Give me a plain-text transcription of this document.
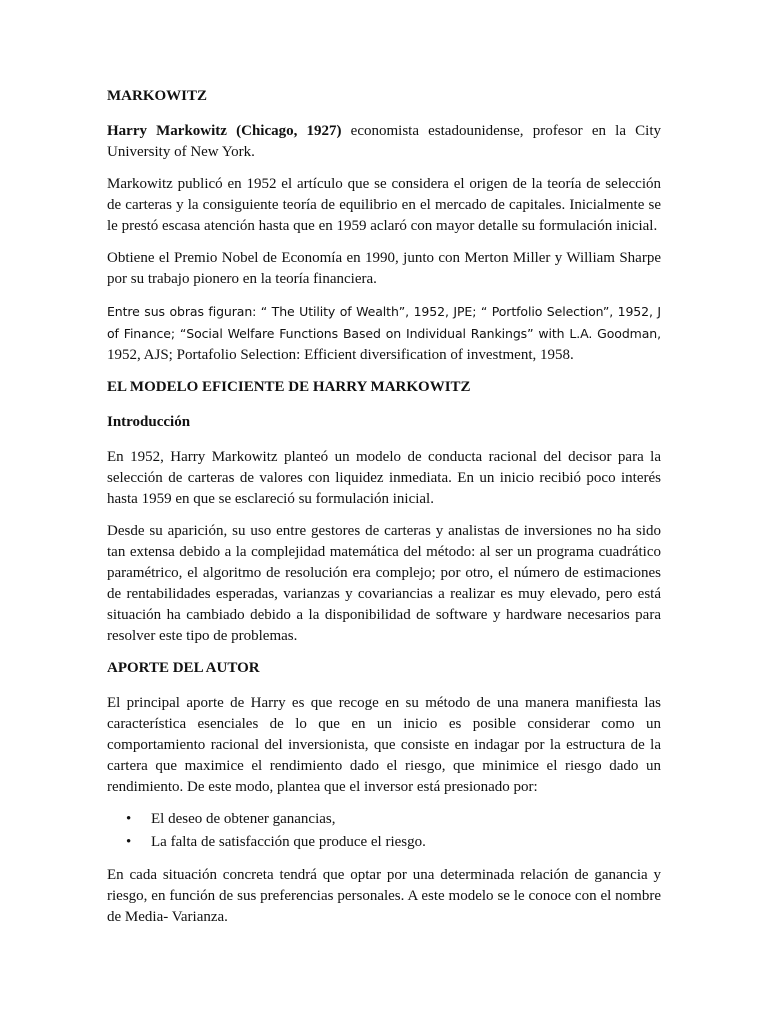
MARKOWITZ

Harry Markowitz (Chicago, 1927) economista estadounidense, profesor en la City University of New York.

Markowitz publicó en 1952 el artículo que se considera el origen de la teoría de selección de carteras y la consiguiente teoría de equilibrio en el mercado de capitales. Inicialmente se le prestó escasa atención hasta que en 1959 aclaró con mayor detalle su formulación inicial.

Obtiene el Premio Nobel de Economía en 1990, junto con Merton Miller y William Sharpe por su trabajo pionero en la teoría financiera.

Entre sus obras figuran: “ The Utility of Wealth”, 1952, JPE; “ Portfolio Selection”, 1952, J of Finance; “Social Welfare Functions Based on Individual Rankings” with L.A. Goodman, 1952, AJS; Portafolio Selection: Efficient diversification of investment, 1958.

EL MODELO EFICIENTE DE HARRY MARKOWITZ
Introducción

En 1952, Harry Markowitz planteó un modelo de conducta racional del decisor para la selección de carteras de valores con liquidez inmediata. En un inicio recibió poco interés hasta 1959 en que se esclareció su formulación inicial.

Desde su aparición, su uso entre gestores de carteras y analistas de inversiones no ha sido tan extensa debido a la complejidad matemática del método: al ser un programa cuadrático paramétrico, el algoritmo de resolución era complejo; por otro, el número de estimaciones de rentabilidades esperadas, varianzas y covariancias a realizar es muy elevado, pero está situación ha cambiado debido a la disponibilidad de software y hardware necesarios para resolver este tipo de problemas.

APORTE DEL AUTOR

El principal aporte de Harry es que recoge en su método de una manera manifiesta las característica esenciales de lo que en un inicio es posible considerar como un comportamiento racional del inversionista, que consiste en indagar por la estructura de la cartera que maximice el rendimiento dado el riesgo, que minimice el riesgo dado un rendimiento. De este modo, plantea que el inversor está presionado por:

• El deseo de obtener ganancias,
• La falta de satisfacción que produce el riesgo.

En cada situación concreta tendrá que optar por una determinada relación de ganancia y riesgo, en función de sus preferencias personales. A este modelo se le conoce con el nombre de Media- Varianza.
